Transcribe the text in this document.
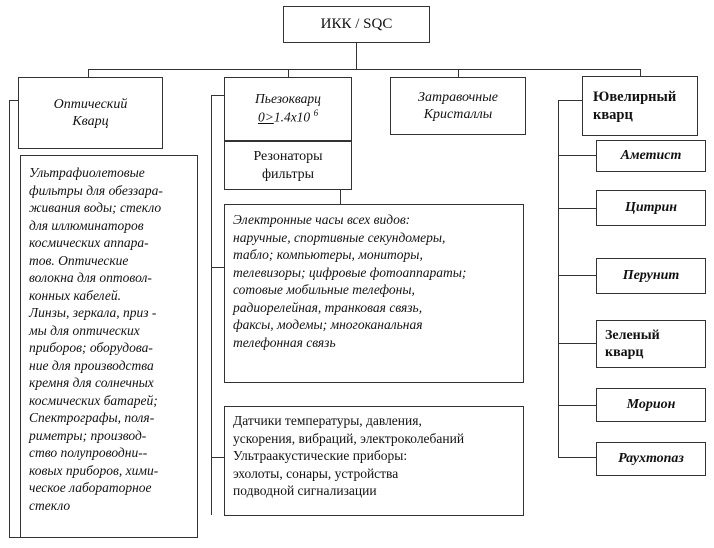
ИКК / SQC
Оптический
Кварц
Пьезокварц
0>1.4x10 $^6$
Резонаторы
фильтры
Затравочные
Кристаллы
Ювелирный
кварц
Аметист
Цитрин
Перунит
Зеленый кварц
Морион
Раухтопаз
Ультрафиолетовые
фильтры для обеззара-
живания воды; стекло
для иллюминаторов
космических аппара-
тов. Оптические
волокна для оптовол-
конных кабелей.
Линзы, зеркала, приз -
мы для оптических
приборов; оборудова-
ние для производства
кремня для солнечных
космических батарей;
Спектрографы, поля-
риметры; производ-
ство полупроводни--
ковых приборов, хими-
ческое лабораторное
стекло
Электронные часы всех видов:
наручные, спортивные секундомеры,
табло; компьютеры, мониторы,
телевизоры; цифровые фотоаппараты;
сотовые мобильные телефоны,
радиорелейная, транковая связь,
факсы, модемы; многоканальная
телефонная связь
Датчики температуры, давления,
ускорения, вибраций, электроколебаний
Ультраакустические приборы:
эхолоты, сонары, устройства
подводной сигнализации
